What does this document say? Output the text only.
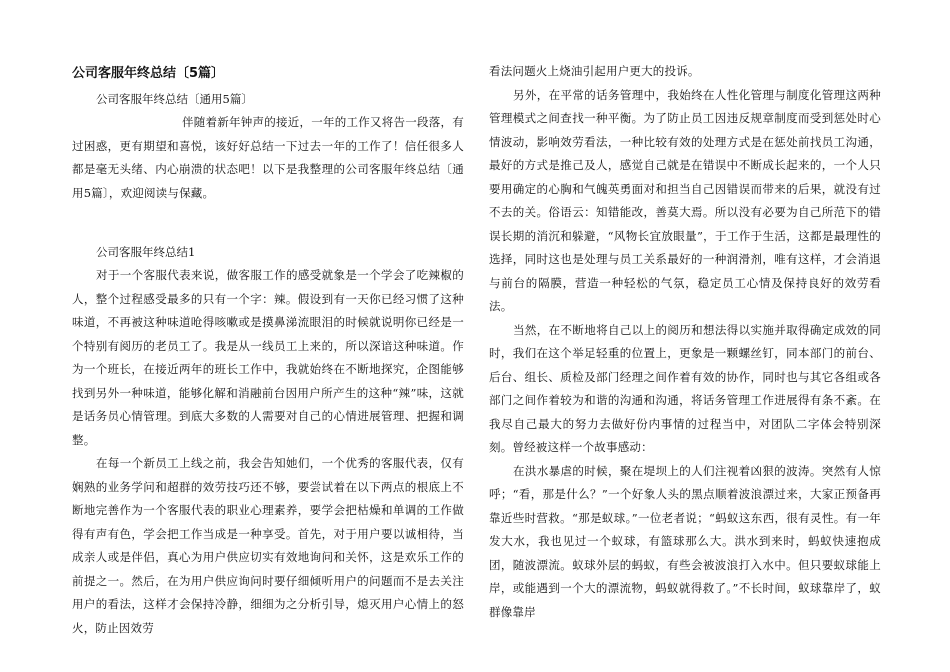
公司客服年终总结〔5篇〕
公司客服年终总结〔通用5篇〕

伴随着新年钟声的接近，一年的工作又将告一段落，有过困惑，更有期望和喜悦，该好好总结一下过去一年的工作了！信任很多人都是毫无头绪、内心崩溃的状态吧！以下是我整理的公司客服年终总结〔通用5篇〕，欢迎阅读与保藏。

公司客服年终总结1

对于一个客服代表来说，做客服工作的感受就象是一个学会了吃辣椒的人，整个过程感受最多的只有一个字：辣。假设到有一天你已经习惯了这种味道，不再被这种味道呛得咳嗽或是摸鼻涕流眼泪的时候就说明你已经是一个特别有阅历的老员工了。我是从一线员工上来的，所以深谙这种味道。作为一个班长，在接近两年的班长工作中，我就始终在不断地探究，企图能够找到另外一种味道，能够化解和消融前台因用户所产生的这种“辣”味，这就是话务员心情管理。到底大多数的人需要对自己的心情进展管理、把握和调整。

在每一个新员工上线之前，我会告知她们，一个优秀的客服代表，仅有娴熟的业务学问和超群的效劳技巧还不够，要尝试着在以下两点的根底上不断地完善作为一个客服代表的职业心理素养，要学会把枯燥和单调的工作做得有声有色，学会把工作当成是一种享受。首先，对于用户要以诚相待，当成亲人或是伴侣，真心为用户供应切实有效地询问和关怀，这是欢乐工作的前提之一。然后，在为用户供应询问时要仔细倾听用户的问题而不是去关注用户的看法，这样才会保持冷静，细细为之分析引导，熄灭用户心情上的怒火，防止因效劳

看法问题火上烧油引起用户更大的投诉。

另外，在平常的话务管理中，我始终在人性化管理与制度化管理这两种管理模式之间查找一种平衡。为了防止员工因违反规章制度而受到惩处时心情波动，影响效劳看法，一种比较有效的处理方式是在惩处前找员工沟通，最好的方式是推己及人，感觉自己就是在错误中不断成长起来的，一个人只要用确定的心胸和气魄英勇面对和担当自己因错误而带来的后果，就没有过不去的关。俗语云：知错能改，善莫大焉。所以没有必要为自己所范下的错误长期的消沉和躲避，“风物长宜放眼量”，于工作于生活，这都是最理性的选择，同时这也是处理与员工关系最好的一种润滑剂，唯有这样，才会消退与前台的隔膜，营造一种轻松的气氛，稳定员工心情及保持良好的效劳看法。

当然，在不断地将自己以上的阅历和想法得以实施并取得确定成效的同时，我们在这个举足轻重的位置上，更象是一颗螺丝钉，同本部门的前台、后台、组长、质检及部门经理之间作着有效的协作，同时也与其它各组或各部门之间作着较为和谐的沟通和沟通，将话务管理工作进展得有条不紊。在我尽自己最大的努力去做好份内事情的过程当中，对团队二字体会特别深刻。曾经被这样一个故事感动：

在洪水暴虐的时候，聚在堤坝上的人们注视着凶狠的波涛。突然有人惊呼；“看，那是什么？”一个好象人头的黑点顺着波浪漂过来，大家正预备再靠近些时营救。“那是蚁球。”一位老者说；“蚂蚁这东西，很有灵性。有一年发大水，我也见过一个蚁球，有篮球那么大。洪水到来时，蚂蚁快速抱成团，随波漂流。蚁球外层的蚂蚁，有些会被波浪打入水中。但只要蚁球能上岸，或能遇到一个大的漂流物，蚂蚁就得救了。”不长时间，蚁球靠岸了，蚁群像靠岸
